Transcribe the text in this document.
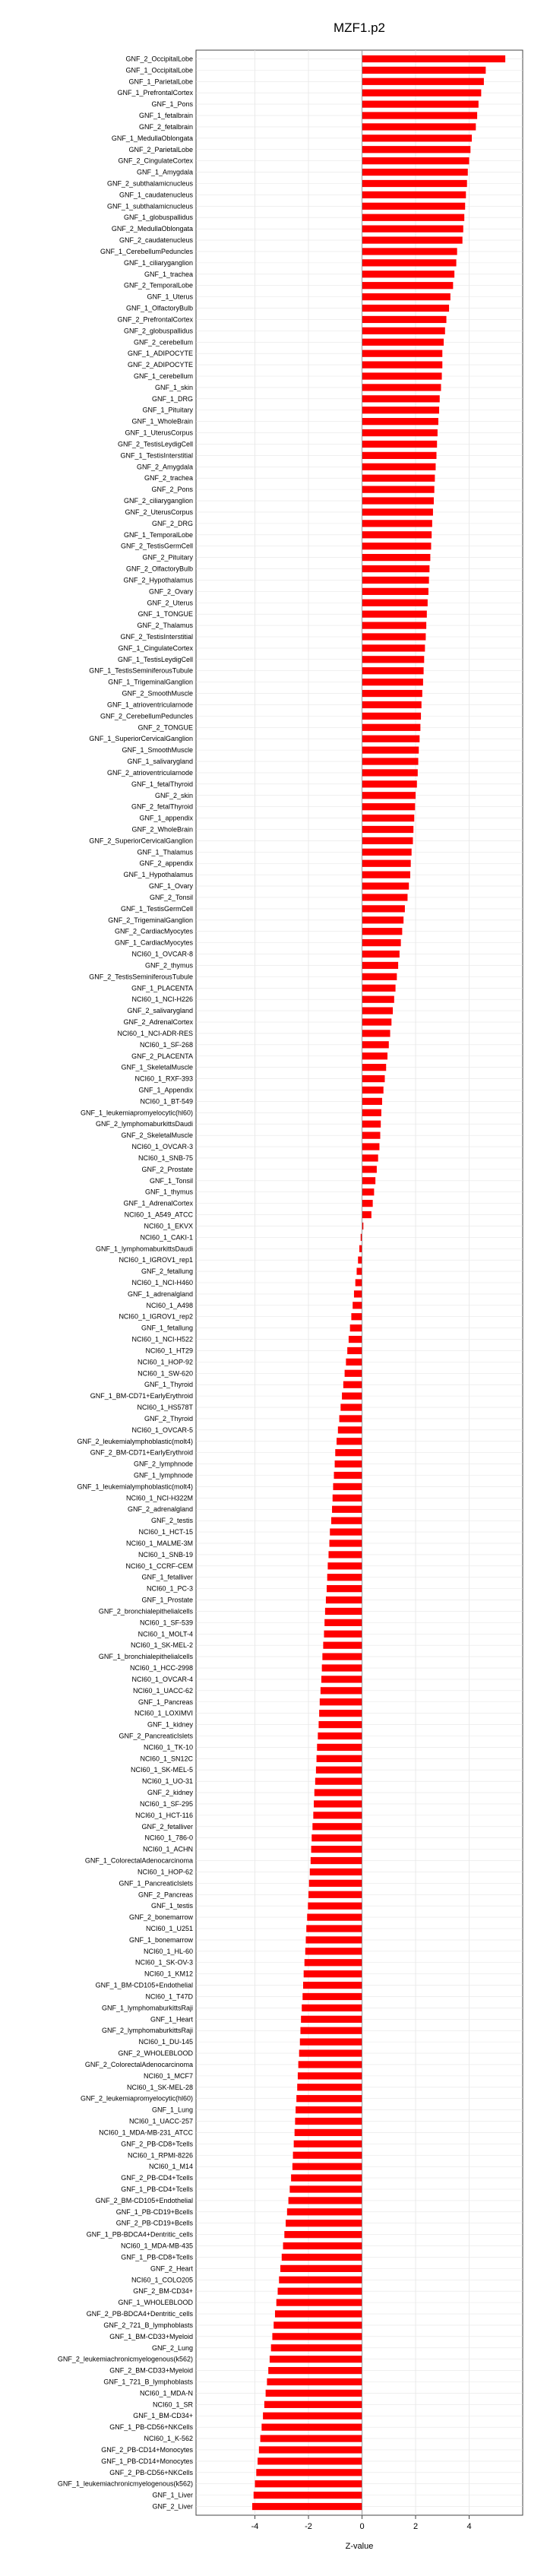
GNF_2_OccipitalLobe
GNF_1_OccipitalLobe
GNF_1_ParietalLobe
GNF_1_PrefrontalCortex
GNF_1_Pons
GNF_1_fetalbrain
GNF_2_fetalbrain
GNF_1_MedullaOblongata
GNF_2_ParietalLobe
GNF_2_CingulateCortex
GNF_1_Amygdala
GNF_2_subthalamicnucleus
GNF_1_caudatenucleus
GNF_1_subthalamicnucleus
GNF_1_globuspallidus
GNF_2_MedullaOblongata
GNF_2_caudatenucleus
GNF_1_CerebellumPeduncles
GNF_1_ciliaryganglion
GNF_1_trachea
GNF_2_TemporalLobe
GNF_1_Uterus
GNF_1_OlfactoryBulb
GNF_2_PrefrontalCortex
GNF_2_globuspallidus
GNF_2_cerebellum
GNF_1_ADIPOCYTE
GNF_2_ADIPOCYTE
GNF_1_cerebellum
GNF_1_skin
GNF_1_DRG
GNF_1_Pituitary
GNF_1_WholeBrain
GNF_1_UterusCorpus
GNF_2_TestisLeydigCell
GNF_1_TestisInterstitial
GNF_2_Amygdala
GNF_2_trachea
GNF_2_Pons
GNF_2_ciliaryganglion
GNF_2_UterusCorpus
GNF_2_DRG
GNF_1_TemporalLobe
GNF_2_TestisGermCell
GNF_2_Pituitary
GNF_2_OlfactoryBulb
GNF_2_Hypothalamus
GNF_2_Ovary
GNF_2_Uterus
GNF_1_TONGUE
GNF_2_Thalamus
GNF_2_TestisInterstitial
GNF_1_CingulateCortex
GNF_1_TestisLeydigCell
GNF_1_TestisSeminiferousTubule
GNF_1_TrigeminalGanglion
GNF_2_SmoothMuscle
GNF_1_atrioventricularnode
GNF_2_CerebellumPeduncles
GNF_2_TONGUE
GNF_1_SuperiorCervicalGanglion
GNF_1_SmoothMuscle
GNF_1_salivarygland
GNF_2_atrioventricularnode
GNF_1_fetalThyroid
GNF_2_skin
GNF_2_fetalThyroid
GNF_1_appendix
GNF_2_WholeBrain
GNF_2_SuperiorCervicalGanglion
GNF_1_Thalamus
GNF_2_appendix
GNF_1_Hypothalamus
GNF_1_Ovary
GNF_2_Tonsil
GNF_1_TestisGermCell
GNF_2_TrigeminalGanglion
GNF_2_CardiacMyocytes
GNF_1_CardiacMyocytes
NCI60_1_OVCAR-8
GNF_2_thymus
GNF_2_TestisSeminiferousTubule
GNF_1_PLACENTA
NCI60_1_NCI-H226
GNF_2_salivarygland
GNF_2_AdrenalCortex
NCI60_1_NCI-ADR-RES
NCI60_1_SF-268
GNF_2_PLACENTA
GNF_1_SkeletalMuscle
NCI60_1_RXF-393
GNF_1_Appendix
NCI60_1_BT-549
GNF_1_leukemiapromyelocytic(hl60)
GNF_2_lymphomaburkittsDaudi
GNF_2_SkeletalMuscle
NCI60_1_OVCAR-3
NCI60_1_SNB-75
GNF_2_Prostate
GNF_1_Tonsil
GNF_1_thymus
GNF_1_AdrenalCortex
NCI60_1_A549_ATCC
NCI60_1_EKVX
NCI60_1_CAKI-1
GNF_1_lymphomaburkittsDaudi
NCI60_1_IGROV1_rep1
GNF_2_fetallung
NCI60_1_NCI-H460
GNF_1_adrenalgland
NCI60_1_A498
NCI60_1_IGROV1_rep2
GNF_1_fetallung
NCI60_1_NCI-H522
NCI60_1_HT29
NCI60_1_HOP-92
NCI60_1_SW-620
GNF_1_Thyroid
GNF_1_BM-CD71+EarlyErythroid
NCI60_1_HS578T
GNF_2_Thyroid
NCI60_1_OVCAR-5
GNF_2_leukemialymphoblastic(molt4)
GNF_2_BM-CD71+EarlyErythroid
GNF_2_lymphnode
GNF_1_lymphnode
GNF_1_leukemialymphoblastic(molt4)
NCI60_1_NCI-H322M
GNF_2_adrenalgland
GNF_2_testis
NCI60_1_HCT-15
NCI60_1_MALME-3M
NCI60_1_SNB-19
NCI60_1_CCRF-CEM
GNF_1_fetalliver
NCI60_1_PC-3
GNF_1_Prostate
GNF_2_bronchialepithelialcells
NCI60_1_SF-539
NCI60_1_MOLT-4
NCI60_1_SK-MEL-2
GNF_1_bronchialepithelialcells
NCI60_1_HCC-2998
NCI60_1_OVCAR-4
NCI60_1_UACC-62
GNF_1_Pancreas
NCI60_1_LOXIMVI
GNF_1_kidney
GNF_2_PancreaticIslets
NCI60_1_TK-10
NCI60_1_SN12C
NCI60_1_SK-MEL-5
NCI60_1_UO-31
GNF_2_kidney
NCI60_1_SF-295
NCI60_1_HCT-116
GNF_2_fetalliver
NCI60_1_786-0
NCI60_1_ACHN
GNF_1_ColorectalAdenocarcinoma
NCI60_1_HOP-62
GNF_1_PancreaticIslets
GNF_2_Pancreas
GNF_1_testis
GNF_2_bonemarrow
NCI60_1_U251
GNF_1_bonemarrow
NCI60_1_HL-60
NCI60_1_SK-OV-3
NCI60_1_KM12
GNF_1_BM-CD105+Endothelial
NCI60_1_T47D
GNF_1_lymphomaburkittsRaji
GNF_1_Heart
GNF_2_lymphomaburkittsRaji
NCI60_1_DU-145
GNF_2_WHOLEBLOOD
GNF_2_ColorectalAdenocarcinoma
NCI60_1_MCF7
NCI60_1_SK-MEL-28
GNF_2_leukemiapromyelocytic(hl60)
GNF_1_Lung
NCI60_1_UACC-257
NCI60_1_MDA-MB-231_ATCC
GNF_2_PB-CD8+Tcells
NCI60_1_RPMI-8226
NCI60_1_M14
GNF_2_PB-CD4+Tcells
GNF_1_PB-CD4+Tcells
GNF_2_BM-CD105+Endothelial
GNF_1_PB-CD19+Bcells
GNF_2_PB-CD19+Bcells
GNF_1_PB-BDCA4+Dentritic_cells
NCI60_1_MDA-MB-435
GNF_1_PB-CD8+Tcells
GNF_2_Heart
NCI60_1_COLO205
GNF_2_BM-CD34+
GNF_1_WHOLEBLOOD
GNF_2_PB-BDCA4+Dentritic_cells
GNF_2_721_B_lymphoblasts
GNF_1_BM-CD33+Myeloid
GNF_2_Lung
GNF_2_leukemiachronicmyelogenous(k562)
GNF_2_BM-CD33+Myeloid
GNF_1_721_B_lymphoblasts
NCI60_1_MDA-N
NCI60_1_SR
GNF_1_BM-CD34+
GNF_1_PB-CD56+NKCells
NCI60_1_K-562
GNF_2_PB-CD14+Monocytes
GNF_1_PB-CD14+Monocytes
GNF_2_PB-CD56+NKCells
GNF_1_leukemiachronicmyelogenous(k562)
GNF_1_Liver
GNF_2_Liver
-4	-2	0	2	4
MZF1.p2
Z-value
